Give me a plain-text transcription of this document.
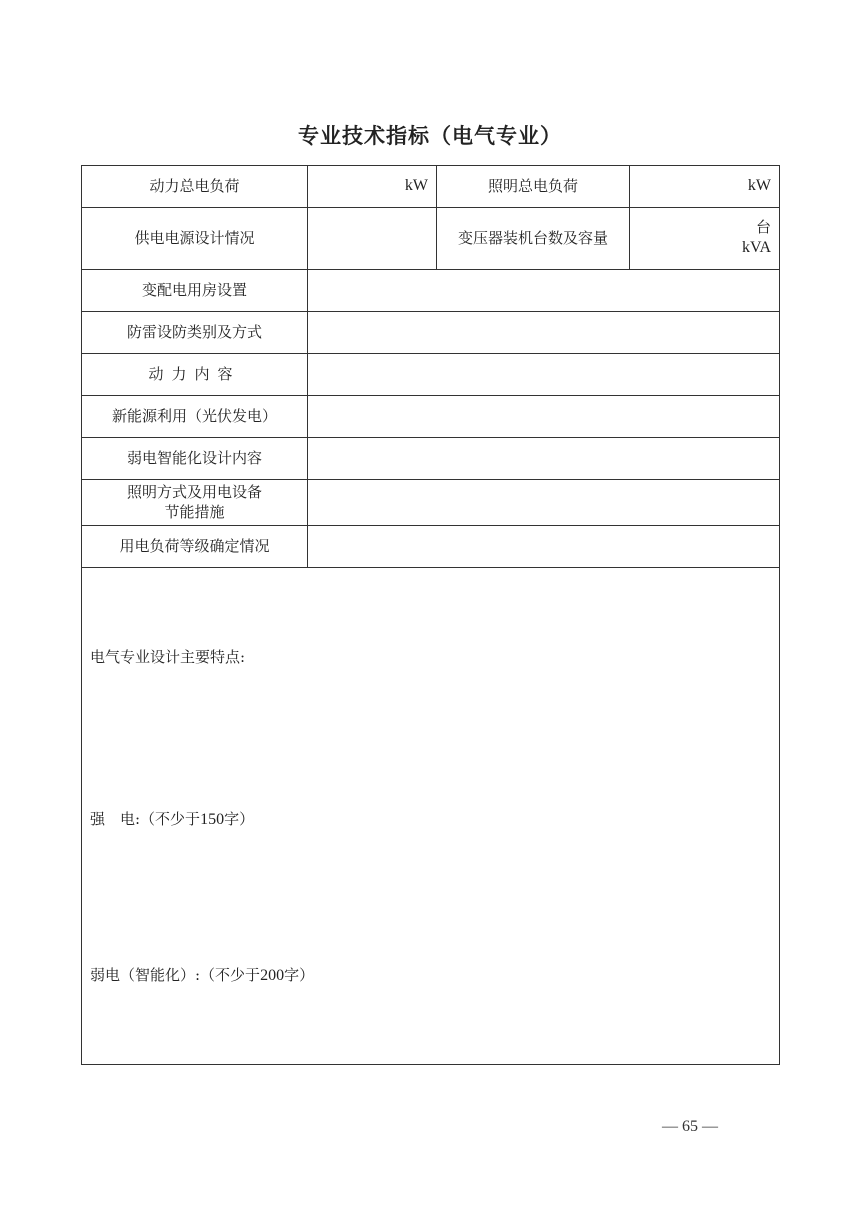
专业技术指标（电气专业）
动力总电负荷	kW	照明总电负荷	kW
供电电源设计情况		变压器装机台数及容量	台
kVA

变配电用房设置			
防雷设防类别及方式			
动力内容			
新能源利用（光伏发电）			
弱电智能化设计内容			

照明方式及用电设备
节能措施			

用电负荷等级确定情况			

电气专业设计主要特点:
强　电:（不少于150字）
弱电（智能化）:（不少于200字）			
— 65 —
